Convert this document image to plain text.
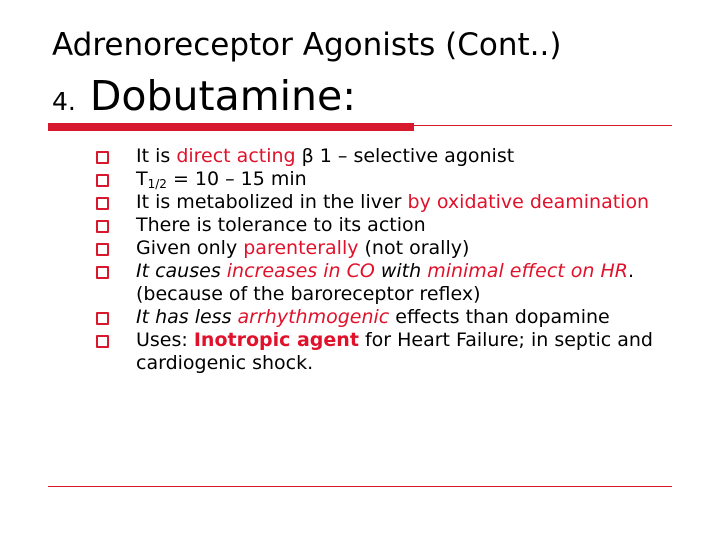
Adrenoreceptor Agonists (Cont..)
4. Dobutamine:
It is direct acting β 1 – selective agonist
$T_{1/2} = 10 - 15$ min
It is metabolized in the liver by oxidative deamination
There is tolerance to its action
Given only parenterally (not orally)
It causes increases in CO with minimal effect on HR.(because of the baroreceptor reflex)
It has less arrhythmogenic effects than dopamine
Uses: Inotropic agent for Heart Failure; in septic and cardiogenic shock.
